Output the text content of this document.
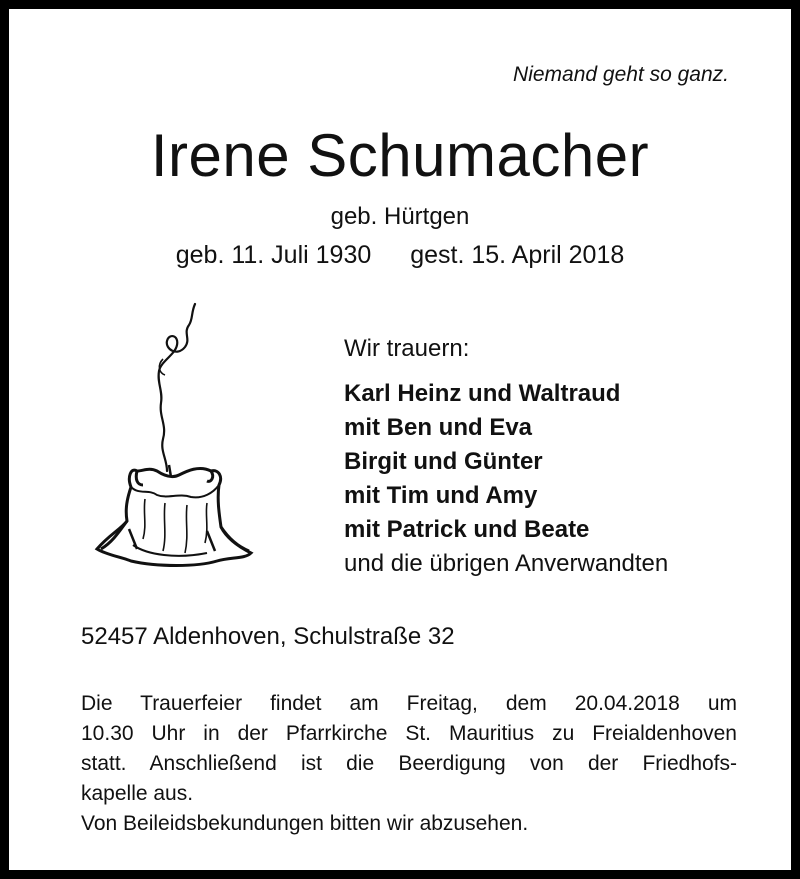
Niemand geht so ganz.
Irene Schumacher
geb. Hürtgen
geb. 11. Juli 1930 gest. 15. April 2018
Wir trauern:
Karl Heinz und Waltraud
mit Ben und Eva
Birgit und Günter
mit Tim und Amy
mit Patrick und Beate
und die übrigen Anverwandten
52457 Aldenhoven, Schulstraße 32

Die Trauerfeier findet am Freitag, dem 20.04.2018 um

10.30 Uhr in der Pfarrkirche St. Mauritius zu Freialdenhoven

statt. Anschließend ist die Beerdigung von der Friedhofs-

kapelle aus.

Von Beileidsbekundungen bitten wir abzusehen.
